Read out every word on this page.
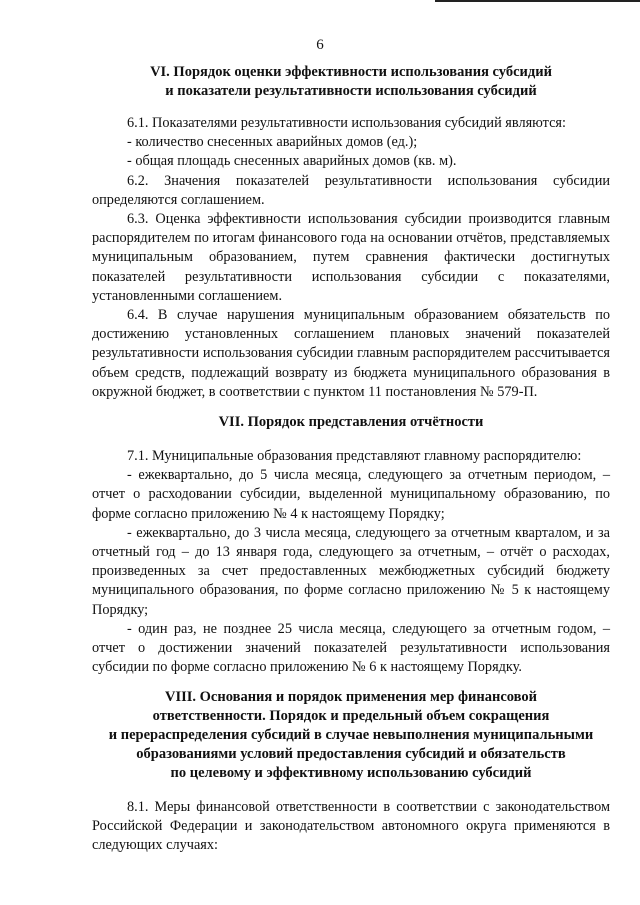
6
VI. Порядок оценки эффективности использования субсидий
и показатели результативности использования субсидий

6.1. Показателями результативности использования субсидий являются:

- количество снесенных аварийных домов (ед.);

- общая площадь снесенных аварийных домов (кв. м).

6.2. Значения показателей результативности использования субсидии определяются соглашением.

6.3. Оценка эффективности использования субсидии производится главным распорядителем по итогам финансового года на основании отчётов, представляемых муниципальным образованием, путем сравнения фактически достигнутых показателей результативности использования субсидии с показателями, установленными соглашением.

6.4. В случае нарушения муниципальным образованием обязательств по достижению установленных соглашением плановых значений показателей результативности использования субсидии главным распорядителем рассчитывается объем средств, подлежащий возврату из бюджета муниципального образования в окружной бюджет, в соответствии с пунктом 11 постановления № 579-П.

VII. Порядок представления отчётности

7.1. Муниципальные образования представляют главному распорядителю:

- ежеквартально, до 5 числа месяца, следующего за отчетным периодом, – отчет о расходовании субсидии, выделенной муниципальному образованию, по форме согласно приложению № 4 к настоящему Порядку;

- ежеквартально, до 3 числа месяца, следующего за отчетным кварталом, и за отчетный год – до 13 января года, следующего за отчетным, – отчёт о расходах, произведенных за счет предоставленных межбюджетных субсидий бюджету муниципального образования, по форме согласно приложению № 5 к настоящему Порядку;

- один раз, не позднее 25 числа месяца, следующего за отчетным годом, – отчет о достижении значений показателей результативности использования субсидии по форме согласно приложению № 6 к настоящему Порядку.

VIII. Основания и порядок применения мер финансовой
ответственности. Порядок и предельный объем сокращения
и перераспределения субсидий в случае невыполнения муниципальными
образованиями условий предоставления субсидий и обязательств
по целевому и эффективному использованию субсидий

8.1. Меры финансовой ответственности в соответствии с законодательством Российской Федерации и законодательством автономного округа применяются в следующих случаях:
